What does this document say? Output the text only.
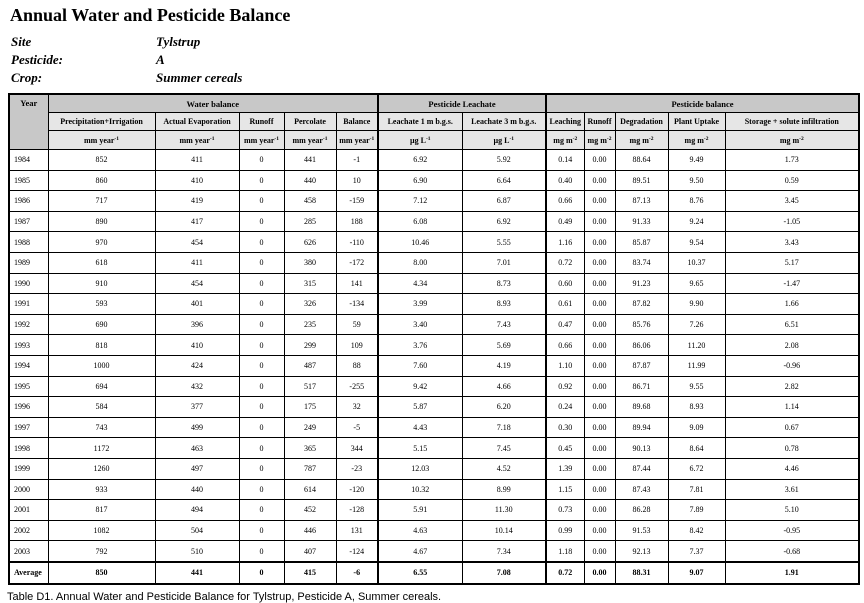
Annual Water and Pesticide Balance
Site	Tylstrup
Pesticide:	A
Crop:	Summer cereals
Year	Water balance					Pesticide Leachate		Pesticide balance				
	Precipitation+Irrigation	Actual Evaporation	Runoff	Percolate	Balance	Leachate 1 m b.g.s.	Leachate 3 m b.g.s.	Leaching	Runoff	Degradation	Plant Uptake	Storage + solute infiltration
	mm year$^{-1}$	mm year$^{-1}$	mm year$^{-1}$	mm year$^{-1}$	mm year$^{-1}$	µg $L^{-1}$	µg $L^{-1}$	mg $m^{-2}$	mg $m^{-2}$	mg $m^{-2}$	mg $m^{-2}$	mg $m^{-2}$
1984	852	411	0	441	-1	6.92	5.92	0.14	0.00	88.64	9.49	1.73
1985	860	410	0	440	10	6.90	6.64	0.40	0.00	89.51	9.50	0.59
1986	717	419	0	458	-159	7.12	6.87	0.66	0.00	87.13	8.76	3.45
1987	890	417	0	285	188	6.08	6.92	0.49	0.00	91.33	9.24	-1.05
1988	970	454	0	626	-110	10.46	5.55	1.16	0.00	85.87	9.54	3.43
1989	618	411	0	380	-172	8.00	7.01	0.72	0.00	83.74	10.37	5.17
1990	910	454	0	315	141	4.34	8.73	0.60	0.00	91.23	9.65	-1.47
1991	593	401	0	326	-134	3.99	8.93	0.61	0.00	87.82	9.90	1.66
1992	690	396	0	235	59	3.40	7.43	0.47	0.00	85.76	7.26	6.51
1993	818	410	0	299	109	3.76	5.69	0.66	0.00	86.06	11.20	2.08
1994	1000	424	0	487	88	7.60	4.19	1.10	0.00	87.87	11.99	-0.96
1995	694	432	0	517	-255	9.42	4.66	0.92	0.00	86.71	9.55	2.82
1996	584	377	0	175	32	5.87	6.20	0.24	0.00	89.68	8.93	1.14
1997	743	499	0	249	-5	4.43	7.18	0.30	0.00	89.94	9.09	0.67
1998	1172	463	0	365	344	5.15	7.45	0.45	0.00	90.13	8.64	0.78
1999	1260	497	0	787	-23	12.03	4.52	1.39	0.00	87.44	6.72	4.46
2000	933	440	0	614	-120	10.32	8.99	1.15	0.00	87.43	7.81	3.61
2001	817	494	0	452	-128	5.91	11.30	0.73	0.00	86.28	7.89	5.10
2002	1082	504	0	446	131	4.63	10.14	0.99	0.00	91.53	8.42	-0.95
2003	792	510	0	407	-124	4.67	7.34	1.18	0.00	92.13	7.37	-0.68
Average	850	441	0	415	-6	6.55	7.08	0.72	0.00	88.31	9.07	1.91
Table D1. Annual Water and Pesticide Balance for Tylstrup, Pesticide A, Summer cereals.
